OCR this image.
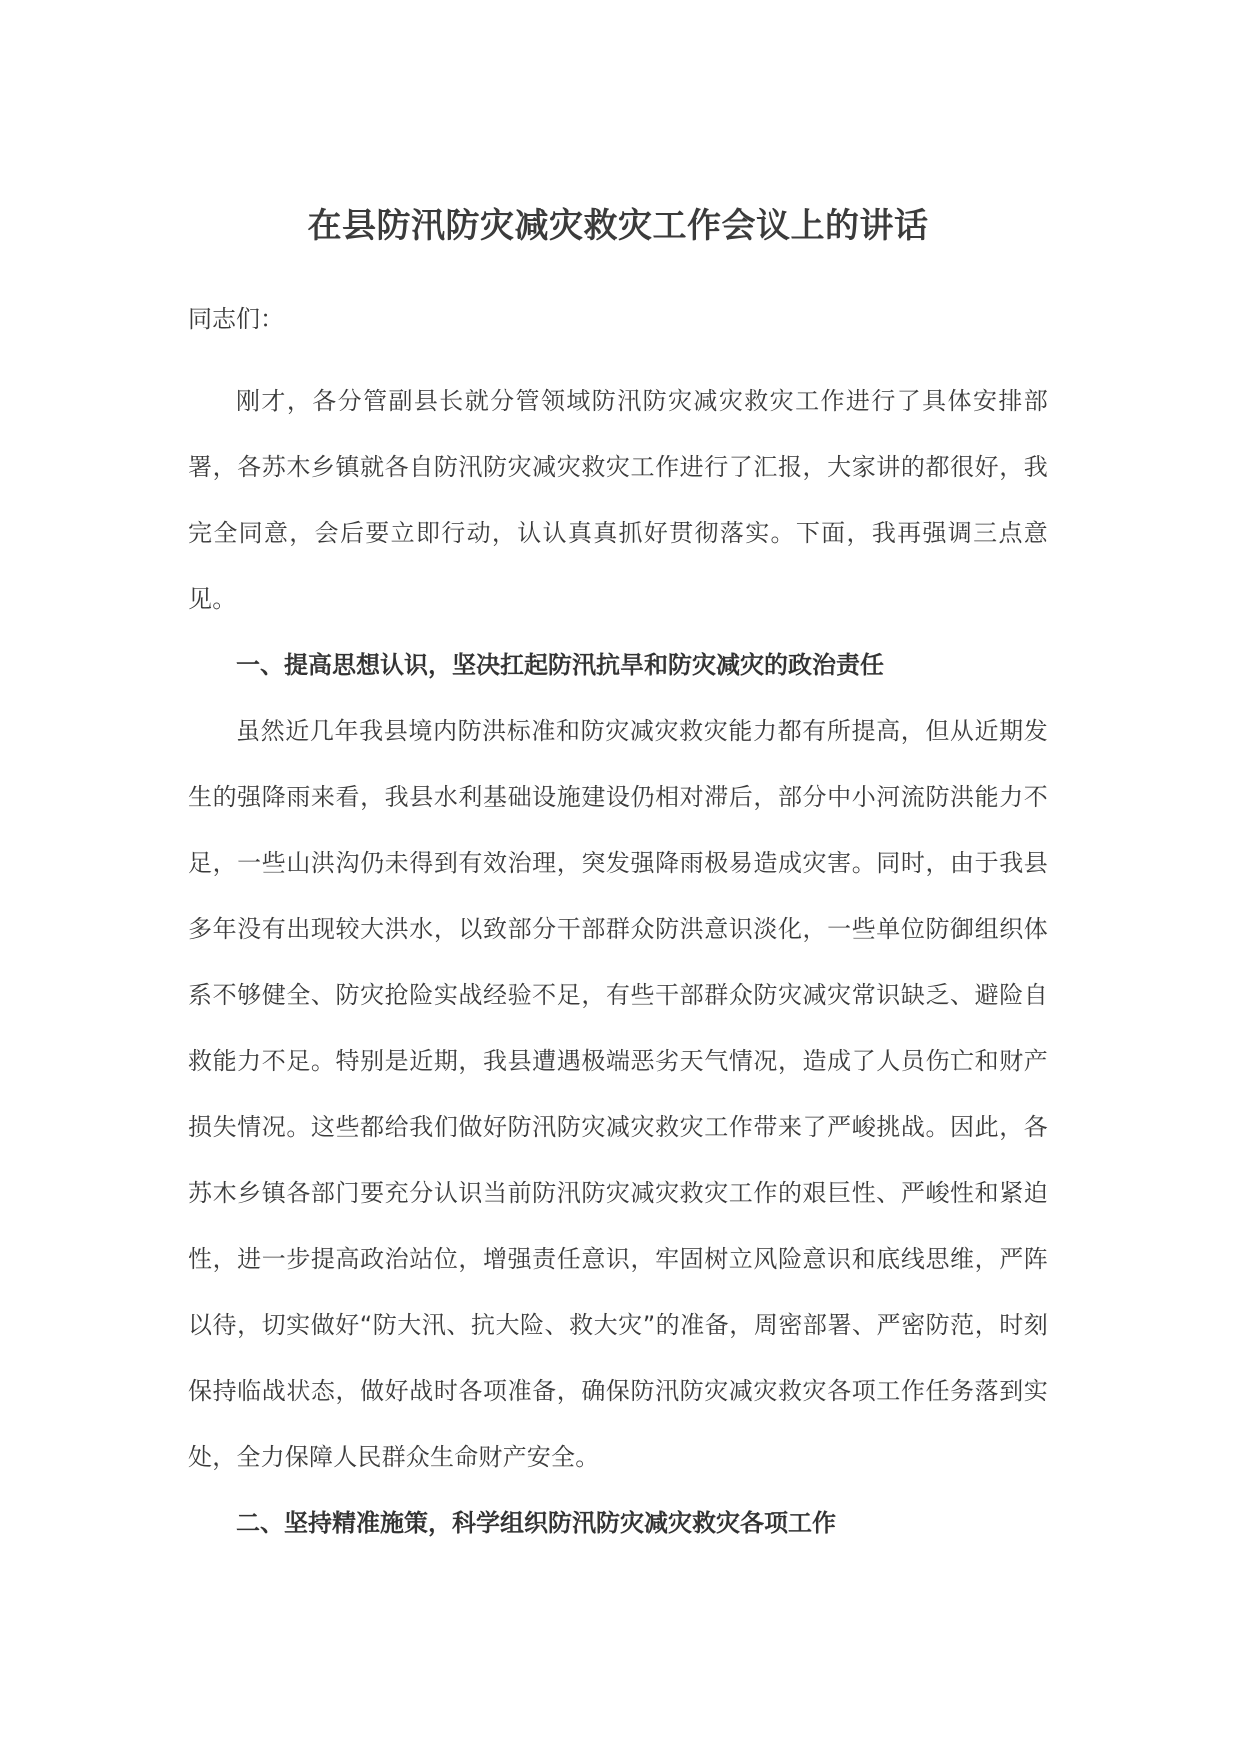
在县防汛防灾减灾救灾工作会议上的讲话

同志们：

刚才，各分管副县长就分管领域防汛防灾减灾救灾工作进行了具体安排部署，各苏木乡镇就各自防汛防灾减灾救灾工作进行了汇报，大家讲的都很好，我完全同意，会后要立即行动，认认真真抓好贯彻落实。下面，我再强调三点意见。

一、提高思想认识，坚决扛起防汛抗旱和防灾减灾的政治责任

虽然近几年我县境内防洪标准和防灾减灾救灾能力都有所提高，但从近期发生的强降雨来看，我县水利基础设施建设仍相对滞后，部分中小河流防洪能力不足，一些山洪沟仍未得到有效治理，突发强降雨极易造成灾害。同时，由于我县多年没有出现较大洪水，以致部分干部群众防洪意识淡化，一些单位防御组织体系不够健全、防灾抢险实战经验不足，有些干部群众防灾减灾常识缺乏、避险自救能力不足。特别是近期，我县遭遇极端恶劣天气情况，造成了人员伤亡和财产损失情况。这些都给我们做好防汛防灾减灾救灾工作带来了严峻挑战。因此，各苏木乡镇各部门要充分认识当前防汛防灾减灾救灾工作的艰巨性、严峻性和紧迫性，进一步提高政治站位，增强责任意识，牢固树立风险意识和底线思维，严阵以待，切实做好“防大汛、抗大险、救大灾”的准备，周密部署、严密防范，时刻保持临战状态，做好战时各项准备，确保防汛防灾减灾救灾各项工作任务落到实处，全力保障人民群众生命财产安全。

二、坚持精准施策，科学组织防汛防灾减灾救灾各项工作
